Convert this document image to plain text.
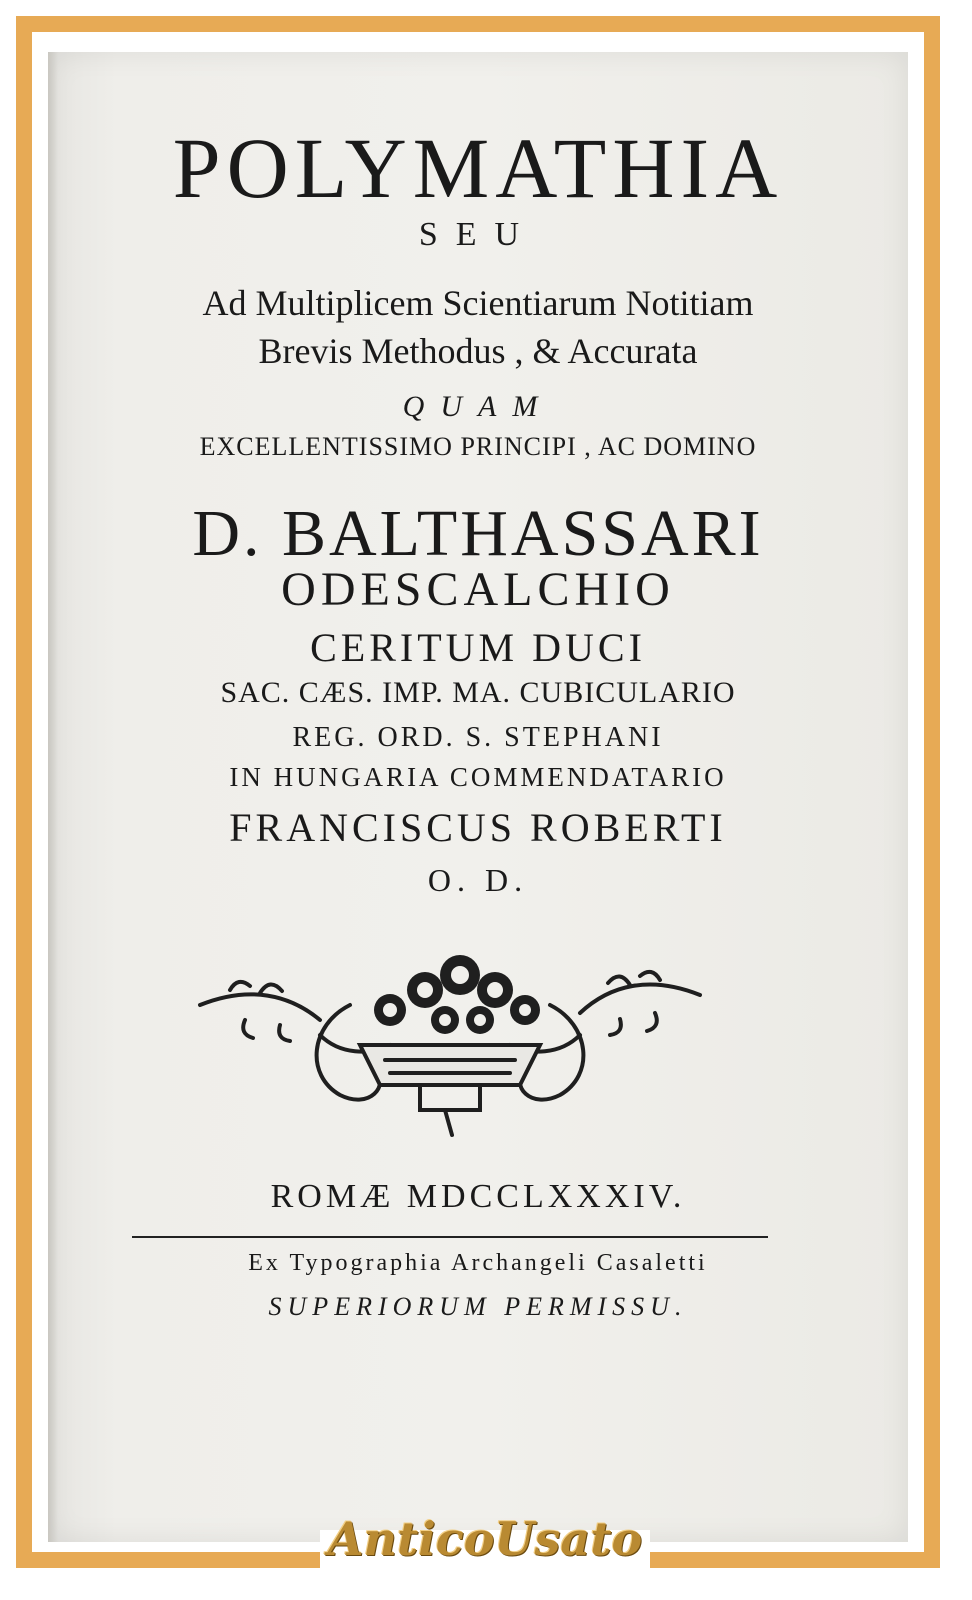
POLYMATHIA
SEU
Ad Multiplicem Scientiarum Notitiam
Brevis Methodus , & Accurata
QUAM
EXCELLENTISSIMO PRINCIPI , AC DOMINO
D. BALTHASSARI
ODESCALCHIO
CERITUM DUCI
SAC. CÆS. IMP. MA. CUBICULARIO
REG. ORD. S. STEPHANI
IN HUNGARIA COMMENDATARIO
FRANCISCUS ROBERTI
O. D.
ROMÆ MDCCLXXXIV.
Ex Typographia Archangeli Casaletti
SUPERIORUM PERMISSU.
AnticoUsato
